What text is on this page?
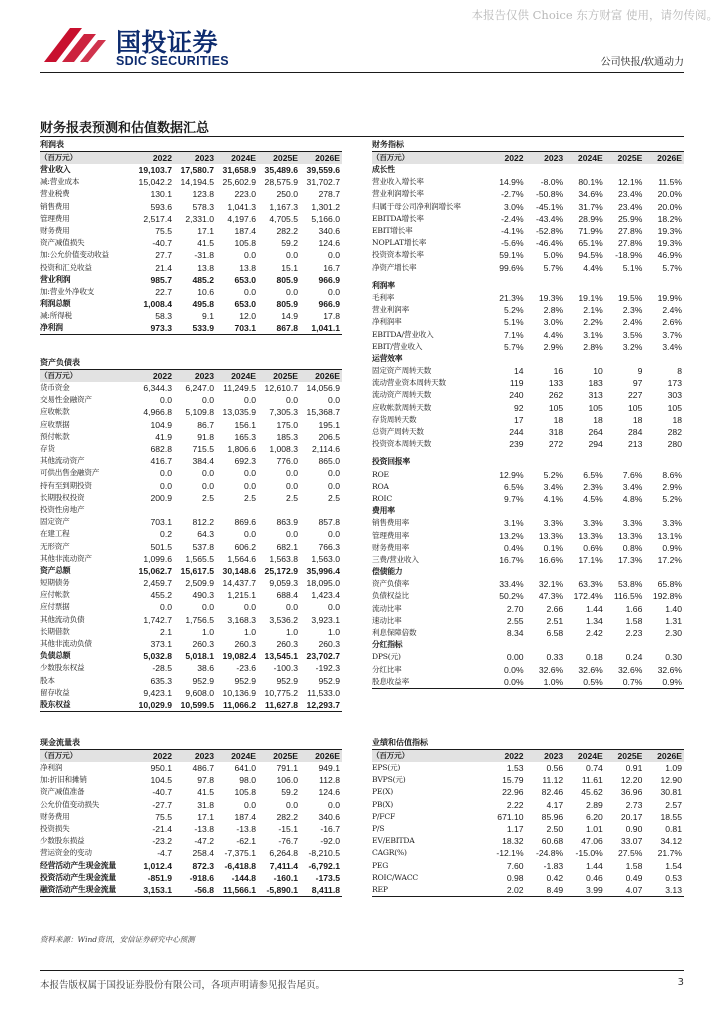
本报告仅供 Choice 东方财富 使用，请勿传阅。
国投证券
SDIC SECURITIES	公司快报/软通动力
财务报表预测和估值数据汇总
利润表					
（百万元）	2022	2023	2024E	2025E	2026E
营业收入	19,103.7	17,580.7	31,658.9	35,489.6	39,559.6
减:营业成本	15,042.2	14,194.5	25,602.9	28,575.9	31,702.7
营业税费	130.1	123.8	223.0	250.0	278.7
销售费用	593.6	578.3	1,041.3	1,167.3	1,301.2
管理费用	2,517.4	2,331.0	4,197.6	4,705.5	5,166.0
财务费用	75.5	17.1	187.4	282.2	340.6
资产减值损失	-40.7	41.5	105.8	59.2	124.6
加:公允价值变动收益	27.7	-31.8	0.0	0.0	0.0
投资和汇兑收益	21.4	13.8	13.8	15.1	16.7
营业利润	985.7	485.2	653.0	805.9	966.9
加:营业外净收支	22.7	10.6	0.0	0.0	0.0
利润总额	1,008.4	495.8	653.0	805.9	966.9
减:所得税	58.3	9.1	12.0	14.9	17.8
净利润	973.3	533.9	703.1	867.8	1,041.1
财务指标					
（百万元）	2022	2023	2024E	2025E	2026E
成长性					
营业收入增长率	14.9%	-8.0%	80.1%	12.1%	11.5%
营业利润增长率	-2.7%	-50.8%	34.6%	23.4%	20.0%
归属于母公司净利润增长率	3.0%	-45.1%	31.7%	23.4%	20.0%
EBITDA增长率	-2.4%	-43.4%	28.9%	25.9%	18.2%
EBIT增长率	-4.1%	-52.8%	71.9%	27.8%	19.3%
NOPLAT增长率	-5.6%	-46.4%	65.1%	27.8%	19.3%
投资资本增长率	59.1%	5.0%	94.5%	-18.9%	46.9%
净资产增长率	99.6%	5.7%	4.4%	5.1%	5.7%

利润率					
毛利率	21.3%	19.3%	19.1%	19.5%	19.9%
营业利润率	5.2%	2.8%	2.1%	2.3%	2.4%
净利润率	5.1%	3.0%	2.2%	2.4%	2.6%
EBITDA/营业收入	7.1%	4.4%	3.1%	3.5%	3.7%
EBIT/营业收入	5.7%	2.9%	2.8%	3.2%	3.4%
运营效率					
固定资产周转天数	14	16	10	9	8
流动营业资本周转天数	119	133	183	97	173
流动资产周转天数	240	262	313	227	303
应收帐款周转天数	92	105	105	105	105
存货周转天数	17	18	18	18	18
总资产周转天数	244	318	264	284	282
投资资本周转天数	239	272	294	213	280

投资回报率					
ROE	12.9%	5.2%	6.5%	7.6%	8.6%
ROA	6.5%	3.4%	2.3%	3.4%	2.9%
ROIC	9.7%	4.1%	4.5%	4.8%	5.2%
费用率					
销售费用率	3.1%	3.3%	3.3%	3.3%	3.3%
管理费用率	13.2%	13.3%	13.3%	13.3%	13.1%
财务费用率	0.4%	0.1%	0.6%	0.8%	0.9%
三费/营业收入	16.7%	16.6%	17.1%	17.3%	17.2%
偿债能力					
资产负债率	33.4%	32.1%	63.3%	53.8%	65.8%
负债权益比	50.2%	47.3%	172.4%	116.5%	192.8%
流动比率	2.70	2.66	1.44	1.66	1.40
速动比率	2.55	2.51	1.34	1.58	1.31
利息保障倍数	8.34	6.58	2.42	2.23	2.30
分红指标					
DPS(元)	0.00	0.33	0.18	0.24	0.30
分红比率	0.0%	32.6%	32.6%	32.6%	32.6%
股息收益率	0.0%	1.0%	0.5%	0.7%	0.9%
资产负债表					
（百万元）	2022	2023	2024E	2025E	2026E
货币资金	6,344.3	6,247.0	11,249.5	12,610.7	14,056.9
交易性金融资产	0.0	0.0	0.0	0.0	0.0
应收帐款	4,966.8	5,109.8	13,035.9	7,305.3	15,368.7
应收票据	104.9	86.7	156.1	175.0	195.1
预付帐款	41.9	91.8	165.3	185.3	206.5
存货	682.8	715.5	1,806.6	1,008.3	2,114.6
其他流动资产	416.7	384.4	692.3	776.0	865.0
可供出售金融资产	0.0	0.0	0.0	0.0	0.0
持有至到期投资	0.0	0.0	0.0	0.0	0.0
长期股权投资	200.9	2.5	2.5	2.5	2.5
投资性房地产					
固定资产	703.1	812.2	869.6	863.9	857.8
在建工程	0.2	64.3	0.0	0.0	0.0
无形资产	501.5	537.8	606.2	682.1	766.3
其他非流动资产	1,099.6	1,565.5	1,564.6	1,563.8	1,563.0
资产总额	15,062.7	15,617.5	30,148.6	25,172.9	35,996.4
短期债务	2,459.7	2,509.9	14,437.7	9,059.3	18,095.0
应付帐款	455.2	490.3	1,215.1	688.4	1,423.4
应付票据	0.0	0.0	0.0	0.0	0.0
其他流动负债	1,742.7	1,756.5	3,168.3	3,536.2	3,923.1
长期借款	2.1	1.0	1.0	1.0	1.0
其他非流动负债	373.1	260.3	260.3	260.3	260.3
负债总额	5,032.8	5,018.1	19,082.4	13,545.1	23,702.7
少数股东权益	-28.5	38.6	-23.6	-100.3	-192.3
股本	635.3	952.9	952.9	952.9	952.9
留存收益	9,423.1	9,608.0	10,136.9	10,775.2	11,533.0
股东权益	10,029.9	10,599.5	11,066.2	11,627.8	12,293.7
现金流量表					
（百万元）	2022	2023	2024E	2025E	2026E
净利润	950.1	486.7	641.0	791.1	949.1
加:折旧和摊销	104.5	97.8	98.0	106.0	112.8
资产减值准备	-40.7	41.5	105.8	59.2	124.6
公允价值变动损失	-27.7	31.8	0.0	0.0	0.0
财务费用	75.5	17.1	187.4	282.2	340.6
投资损失	-21.4	-13.8	-13.8	-15.1	-16.7
少数股东损益	-23.2	-47.2	-62.1	-76.7	-92.0
营运资金的变动	-4.7	258.4	-7,375.1	6,264.8	-8,210.5
经营活动产生现金流量	1,012.4	872.3	-6,418.8	7,411.4	-6,792.1
投资活动产生现金流量	-851.9	-918.6	-144.8	-160.1	-173.5
融资活动产生现金流量	3,153.1	-56.8	11,566.1	-5,890.1	8,411.8
业绩和估值指标					
（百万元）	2022	2023	2024E	2025E	2026E
EPS(元)	1.53	0.56	0.74	0.91	1.09
BVPS(元)	15.79	11.12	11.61	12.20	12.90
PE(X)	22.96	82.46	45.62	36.96	30.81
PB(X)	2.22	4.17	2.89	2.73	2.57
P/FCF	671.10	85.96	6.20	20.17	18.55
P/S	1.17	2.50	1.01	0.90	0.81
EV/EBITDA	18.32	60.68	47.06	33.07	34.12
CAGR(%)	-12.1%	-24.8%	-15.0%	27.5%	21.7%
PEG	7.60	-1.83	1.44	1.58	1.54
ROIC/WACC	0.98	0.42	0.46	0.49	0.53
REP	2.02	8.49	3.99	4.07	3.13
资料来源：Wind资讯，安信证券研究中心预测
本报告版权属于国投证券股份有限公司，各项声明请参见报告尾页。	3
